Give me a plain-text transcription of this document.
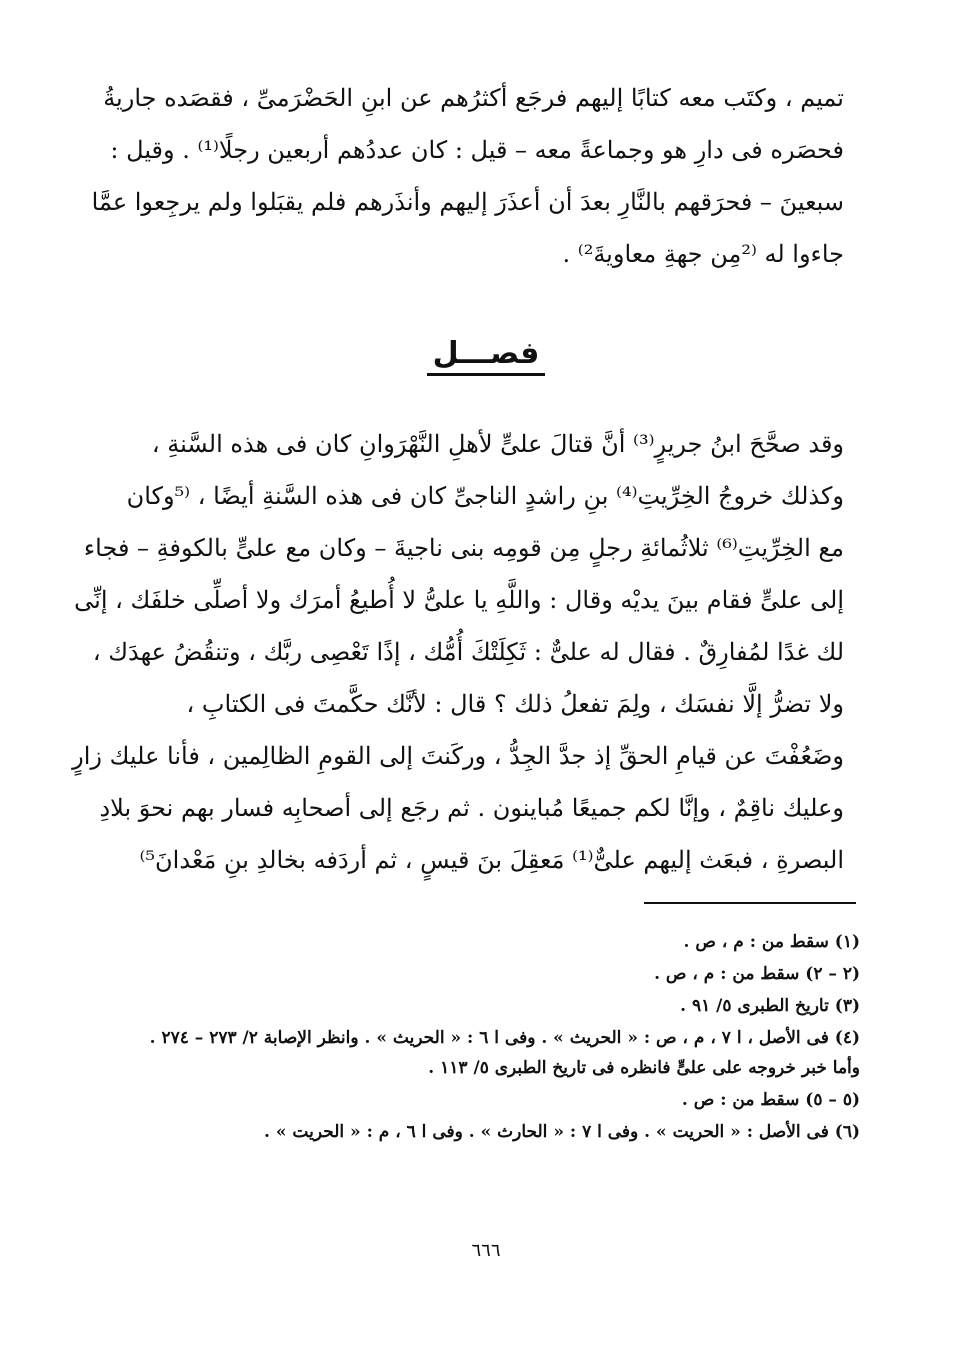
تميم ، وكتَب معه كتابًا إليهم فرجَع أكثرُهم عن ابنِ الحَضْرَمىِّ ، فقصَده جاريةُ
فحصَره فى دارِ هو وجماعةً معه – قيل : كان عددُهم أربعين رجلًا⁽¹⁾ . وقيل :
سبعينَ – فحرَقهم بالنَّارِ بعدَ أن أعذَرَ إليهم وأنذَرهم فلم يقبَلوا ولم يرجِعوا عمَّا
جاءوا له ⁽²مِن جهةِ معاويةَ²⁾ .
فصـــل
وقد صحَّحَ ابنُ جريرٍ⁽³⁾ أنَّ قتالَ علىٍّ لأهلِ النَّهْرَوانِ كان فى هذه السَّنةِ ،
وكذلك خروجُ الخِرِّيتِ⁽⁴⁾ بنِ راشدٍ الناجىِّ كان فى هذه السَّنةِ أيضًا ، ⁽⁵وكان
مع الخِرِّيتِ⁽⁶⁾ ثلاثُمائةِ رجلٍ مِن قومِه بنى ناجيةَ – وكان مع علىٍّ بالكوفةِ – فجاء
إلى علىٍّ فقام بينَ يديْه وقال : واللَّهِ يا علىُّ لا أُطيعُ أمرَك ولا أصلِّى خلفَك ، إنِّى
لك غدًا لمُفارِقٌ . فقال له علىٌّ : ثَكِلَتْكَ أُمُّك ، إذًا تَعْصِى ربَّك ، وتنقُضُ عهدَك ،
ولا تضرُّ إلَّا نفسَك ، ولِمَ تفعلُ ذلك ؟ قال : لأنَّك حكَّمتَ فى الكتابِ ،
وضَعُفْتَ عن قيامِ الحقِّ إذ جدَّ الجِدُّ ، وركَنتَ إلى القومِ الظالِمين ، فأنا عليك زارٍ
وعليك ناقِمٌ ، وإنَّا لكم جميعًا مُباينون . ثم رجَع إلى أصحابِه فسار بهم نحوَ بلادِ
البصرةِ ، فبعَث إليهم علىٌّ⁽¹⁾ مَعقِلَ بنَ قيسٍ ، ثم أردَفه بخالدِ بنِ مَعْدانَ⁵⁾
(١) سقط من : م ، ص .
(٢ – ٢) سقط من : م ، ص .
(٣) تاريخ الطبرى ٥/ ٩١ .
(٤) فى الأصل ، ا ٧ ، م ، ص : « الحريث » . وفى ا ٦ : « الحريث » . وانظر الإصابة ٢/ ٢٧٣ – ٢٧٤ .
وأما خبر خروجه على علىٍّ فانظره فى تاريخ الطبرى ٥/ ١١٣ .
(٥ – ٥) سقط من : ص .
(٦) فى الأصل : « الحريت » . وفى ا ٧ : « الحارث » . وفى ا ٦ ، م : « الحريت » .
٦٦٦
